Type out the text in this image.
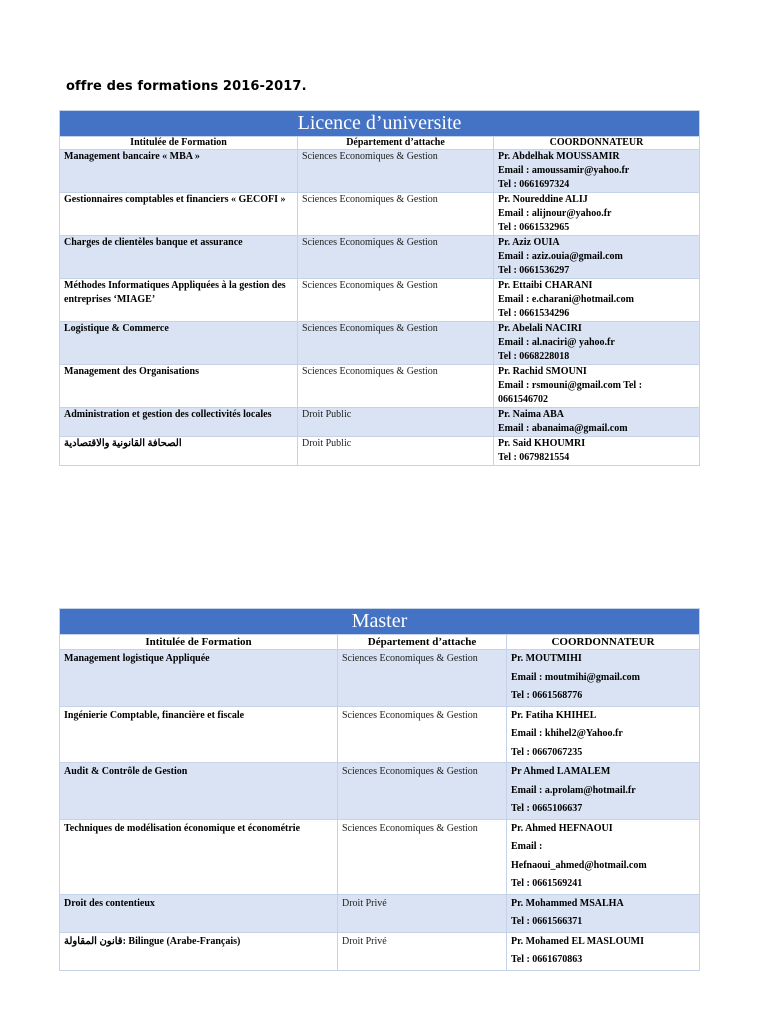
offre des formations 2016-2017.
Licence d’universite		
Intitulée de Formation	Département d’attache	COORDONNATEUR
Management bancaire « MBA »	Sciences Economiques & Gestion	Pr. Abdelhak MOUSSAMIR
Email : amoussamir@yahoo.fr
Tel : 0661697324

Gestionnaires comptables et financiers « GECOFI »	Sciences Economiques & Gestion	Pr. Noureddine ALIJ
Email : alijnour@yahoo.fr
Tel : 0661532965

Charges de clientèles banque et assurance	Sciences Economiques & Gestion	Pr. Aziz OUIA
Email : aziz.ouia@gmail.com
Tel : 0661536297

Méthodes Informatiques Appliquées à la gestion des entreprises ‘MIAGE’	Sciences Economiques & Gestion	Pr. Ettaibi CHARANI
Email : e.charani@hotmail.com
Tel : 0661534296

Logistique & Commerce	Sciences Economiques & Gestion	Pr. Abelali NACIRI
Email : al.naciri@ yahoo.fr
Tel : 0668228018

Management des Organisations	Sciences Economiques & Gestion	Pr. Rachid SMOUNI
Email : rsmouni@gmail.com Tel :
0661546702

Administration et gestion des collectivités locales	Droit Public	Pr. Naima ABA
Email : abanaima@gmail.com

الصحافة القانونية والاقتصادية	Droit Public	Pr. Said KHOUMRI
Tel : 0679821554
Master		
Intitulée de Formation	Département d’attache	COORDONNATEUR
Management logistique Appliquée	Sciences Economiques & Gestion	Pr. MOUTMIHI
Email : moutmihi@gmail.com
Tel : 0661568776

Ingénierie Comptable, financière et fiscale	Sciences Economiques & Gestion	Pr. Fatiha KHIHEL
Email : khihel2@Yahoo.fr
Tel : 0667067235

Audit & Contrôle de Gestion	Sciences Economiques & Gestion	Pr Ahmed LAMALEM
Email : a.prolam@hotmail.fr
Tel : 0665106637

Techniques de modélisation économique et économétrie	Sciences Economiques & Gestion	Pr. Ahmed HEFNAOUI
Email :
Hefnaoui_ahmed@hotmail.com
Tel : 0661569241

Droit des contentieux	Droit Privé	Pr. Mohammed MSALHA
Tel : 0661566371

قانون المقاولة: Bilingue (Arabe-Français)	Droit Privé	Pr. Mohamed EL MASLOUMI
Tel : 0661670863
